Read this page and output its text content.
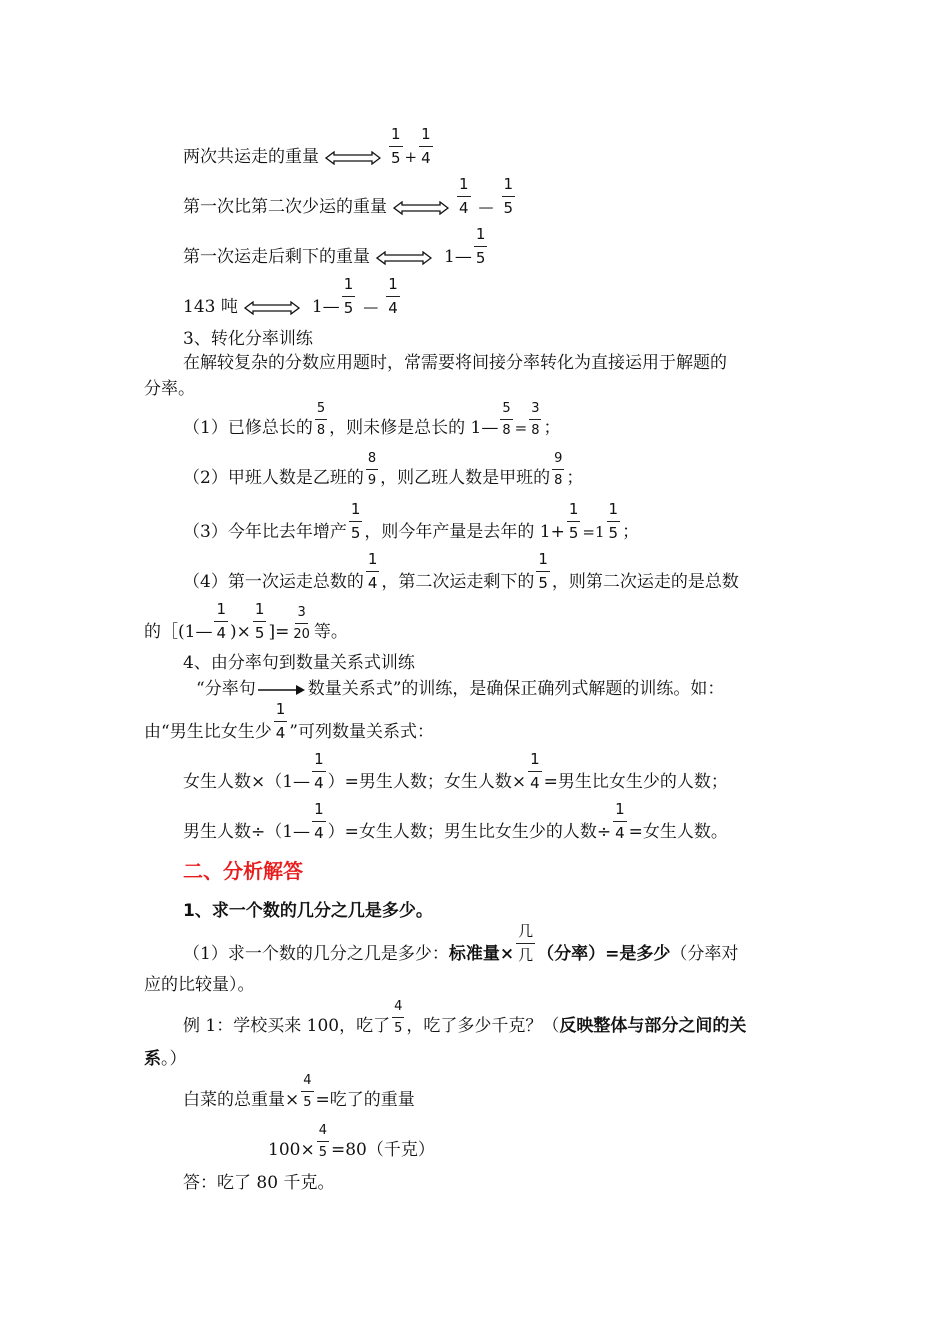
两次共运走的重量	$\frac{1}{5} + \frac{1}{4}$
第一次比第二次少运的重量	$\frac{1}{4}$ — $\frac{1}{5}$
第一次运走后剩下的重量	1— $\frac{1}{5}$
143 吨	1— $\frac{1}{5}$ — $\frac{1}{4}$
3、转化分率训练
在解较复杂的分数应用题时，常需要将间接分率转化为直接运用于解题的
分率。
（1）已修总长的 $\frac{5}{8}$ ，则未修是总长的 1— $\frac{5}{8} = \frac{3}{8}$ ；
（2）甲班人数是乙班的 $\frac{8}{9}$ ，则乙班人数是甲班的 $\frac{9}{8}$ ；
（3）今年比去年增产 $\frac{1}{5}$ ，则今年产量是去年的 $1+ \frac{1}{5} =1 \frac{1}{5}$ ；
（4）第一次运走总数的 $\frac{1}{4}$ ，第二次运走剩下的 $\frac{1}{5}$ ，则第二次运走的是总数
的［(1— $\frac{1}{4}$ )× $\frac{1}{5}$ ]= $\frac{3}{20}$ 等。
4、由分率句到数量关系式训练
“分率句	数量关系式”的训练，是确保正确列式解题的训练。如：
由“男生比女生少 $\frac{1}{4}$ ”可列数量关系式：
女生人数×（1— $\frac{1}{4}$ ）=男生人数；女生人数× $\frac{1}{4}$ =男生比女生少的人数；
男生人数÷（1— $\frac{1}{4}$ ）=女生人数；男生比女生少的人数÷ $\frac{1}{4}$ =女生人数。
二、分析解答
1、求一个数的几分之几是多少。
（1）求一个数的几分之几是多少：标准量× $\frac{\text{几}}{\text{几}}$ （分率）=是多少（分率对
应的比较量）。
例 1：学校买来 100，吃了 $\frac{4}{5}$ ，吃了多少千克？（反映整体与部分之间的关
系。）
白菜的总重量× $\frac{4}{5}$ =吃了的重量
$100\times \frac{4}{5} =80$（千克）
答：吃了 80 千克。
